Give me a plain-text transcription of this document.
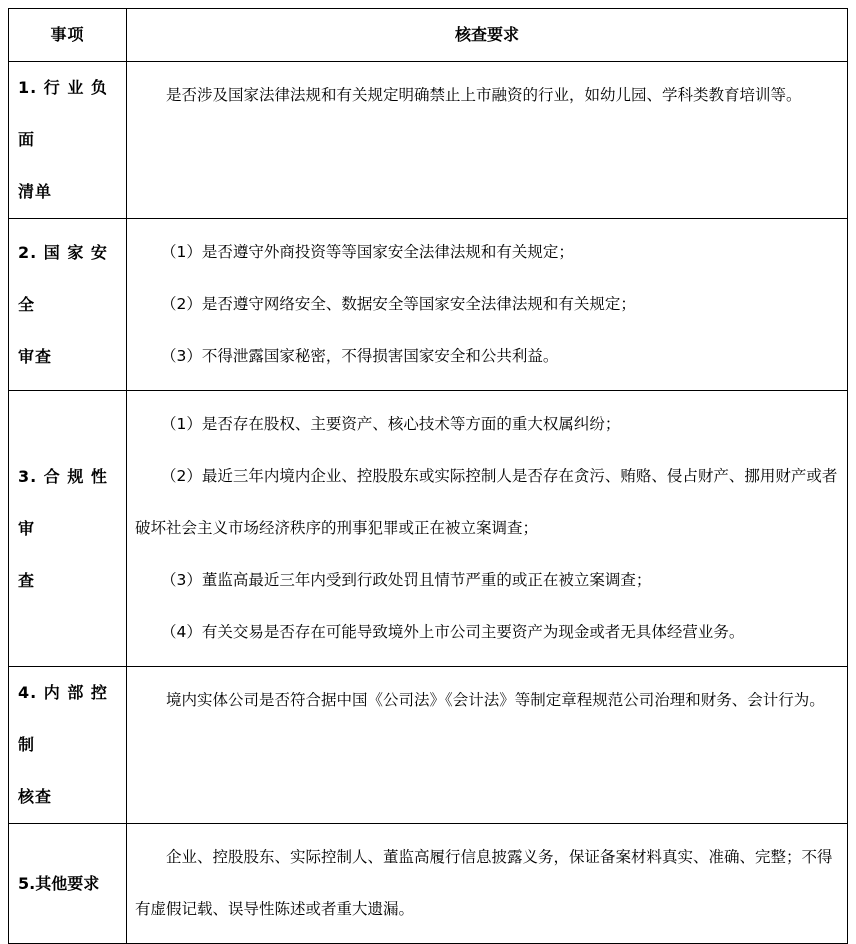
事项	核查要求
1. 行 业 负 面
清单
是否涉及国家法律法规和有关规定明确禁止上市融资的行业，如幼儿园、学科类教育培训等。
2. 国 家 安 全
审查
（1）是否遵守外商投资等等国家安全法律法规和有关规定；
（2）是否遵守网络安全、数据安全等国家安全法律法规和有关规定；
（3）不得泄露国家秘密，不得损害国家安全和公共利益。
3. 合 规 性 审
查
（1）是否存在股权、主要资产、核心技术等方面的重大权属纠纷；
（2）最近三年内境内企业、控股股东或实际控制人是否存在贪污、贿赂、侵占财产、挪用财产或者破坏社会主义市场经济秩序的刑事犯罪或正在被立案调查；
（3）董监高最近三年内受到行政处罚且情节严重的或正在被立案调查；
（4）有关交易是否存在可能导致境外上市公司主要资产为现金或者无具体经营业务。
4. 内 部 控 制
核查
境内实体公司是否符合据中国《公司法》《会计法》等制定章程规范公司治理和财务、会计行为。
5.其他要求
企业、控股股东、实际控制人、董监高履行信息披露义务，保证备案材料真实、准确、完整；不得有虚假记载、误导性陈述或者重大遗漏。
